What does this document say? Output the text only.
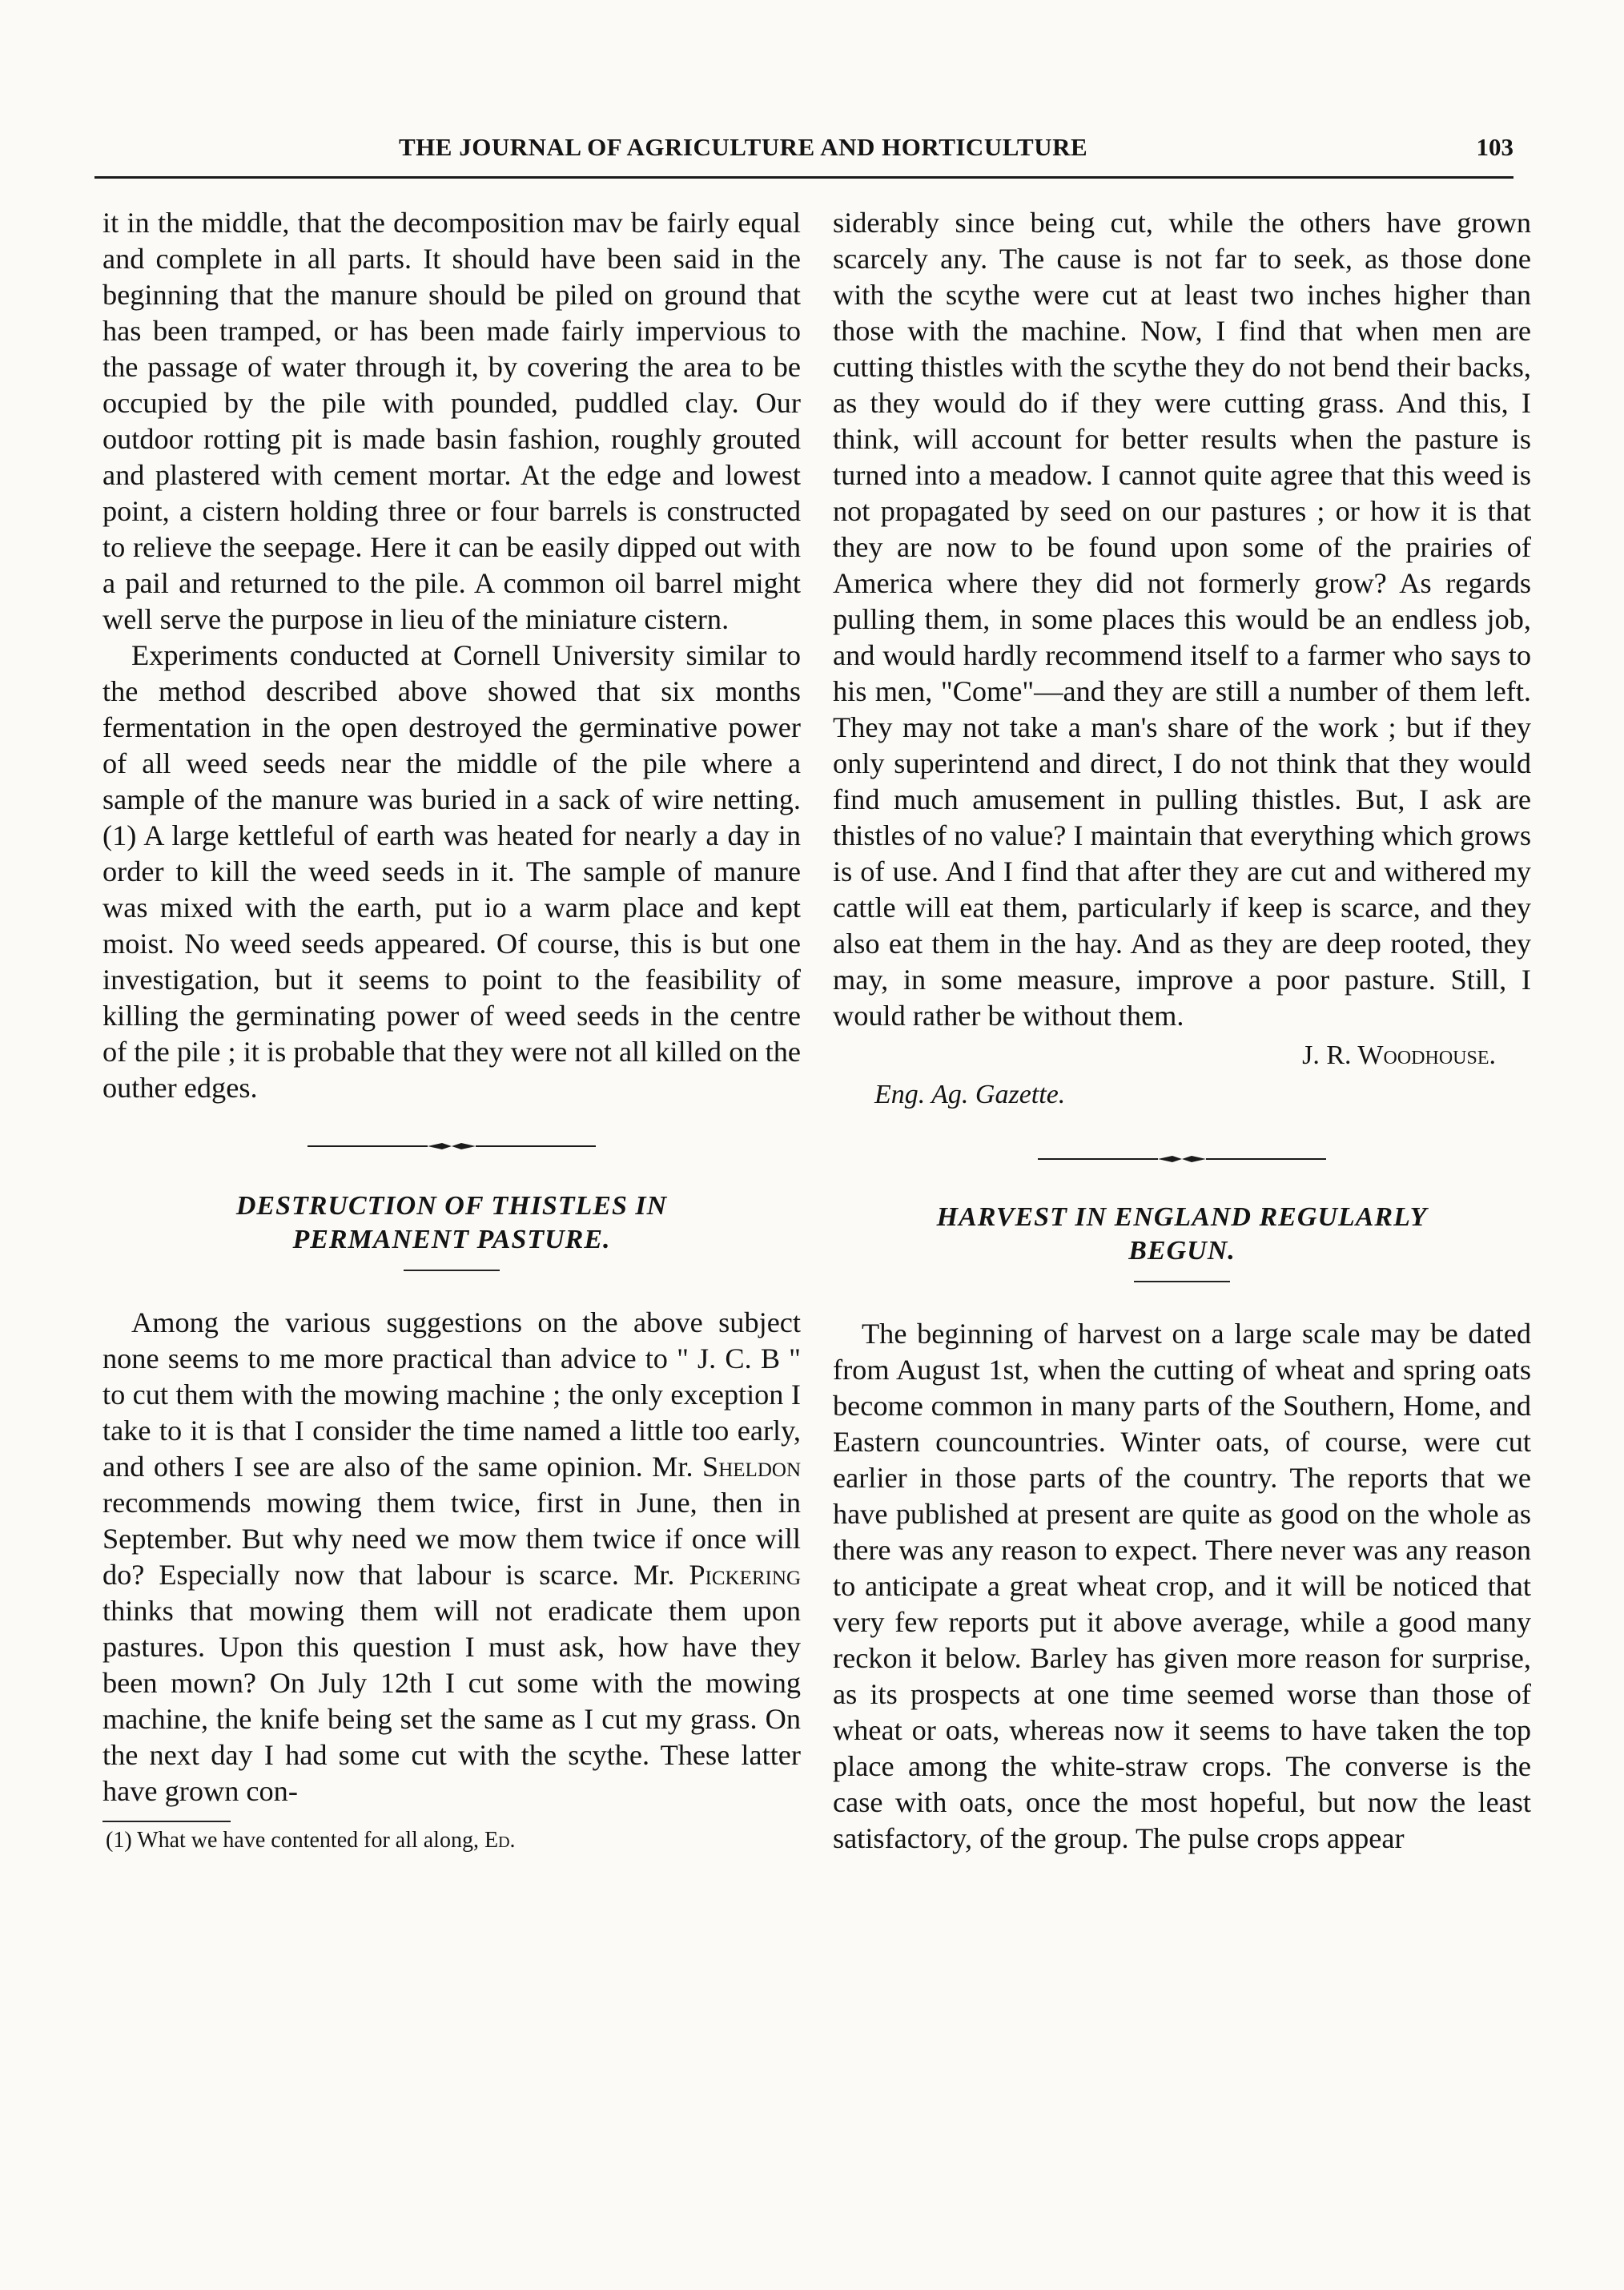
THE JOURNAL OF AGRICULTURE AND HORTICULTURE	103

it in the middle, that the decomposition mav be fairly equal and complete in all parts. It should have been said in the beginning that the manure should be piled on ground that has been tramped, or has been made fairly impervious to the passage of water through it, by covering the area to be occupied by the pile with pounded, puddled clay. Our outdoor rotting pit is made basin fashion, roughly grouted and plastered with cement mortar. At the edge and lowest point, a cistern holding three or four barrels is constructed to relieve the seepage. Here it can be easily dipped out with a pail and returned to the pile. A common oil barrel might well serve the purpose in lieu of the miniature cistern.

Experiments conducted at Cornell University similar to the method described above showed that six months fermentation in the open destroyed the germinative power of all weed seeds near the middle of the pile where a sample of the manure was buried in a sack of wire netting. (1) A large kettleful of earth was heated for nearly a day in order to kill the weed seeds in it. The sample of manure was mixed with the earth, put io a warm place and kept moist. No weed seeds appeared. Of course, this is but one investigation, but it seems to point to the feasibility of killing the germinating power of weed seeds in the centre of the pile ; it is probable that they were not all killed on the outher edges.

DESTRUCTION OF THISTLES IN
PERMANENT PASTURE.

Among the various suggestions on the above subject none seems to me more practical than advice to " J. C. B " to cut them with the mowing machine ; the only exception I take to it is that I consider the time named a little too early, and others I see are also of the same opinion. Mr. Sheldon recommends mowing them twice, first in June, then in September. But why need we mow them twice if once will do? Especially now that labour is scarce. Mr. Pickering thinks that mowing them will not eradicate them upon pastures. Upon this question I must ask, how have they been mown? On July 12th I cut some with the mowing machine, the knife being set the same as I cut my grass. On the next day I had some cut with the scythe. These latter have grown con-

(1) What we have contented for all along, Ed.

siderably since being cut, while the others have grown scarcely any. The cause is not far to seek, as those done with the scythe were cut at least two inches higher than those with the machine. Now, I find that when men are cutting thistles with the scythe they do not bend their backs, as they would do if they were cutting grass. And this, I think, will account for better results when the pasture is turned into a meadow. I cannot quite agree that this weed is not propagated by seed on our pastures ; or how it is that they are now to be found upon some of the prairies of America where they did not formerly grow? As regards pulling them, in some places this would be an endless job, and would hardly recommend itself to a farmer who says to his men, "Come"—and they are still a number of them left. They may not take a man's share of the work ; but if they only superintend and direct, I do not think that they would find much amusement in pulling thistles. But, I ask are thistles of no value? I maintain that everything which grows is of use. And I find that after they are cut and withered my cattle will eat them, particularly if keep is scarce, and they also eat them in the hay. And as they are deep rooted, they may, in some measure, improve a poor pasture. Still, I would rather be without them.

J. R. Woodhouse.
Eng. Ag. Gazette.
HARVEST IN ENGLAND REGULARLY
BEGUN.

The beginning of harvest on a large scale may be dated from August 1st, when the cutting of wheat and spring oats become common in many parts of the Southern, Home, and Eastern councountries. Winter oats, of course, were cut earlier in those parts of the country. The reports that we have published at present are quite as good on the whole as there was any reason to expect. There never was any reason to anticipate a great wheat crop, and it will be noticed that very few reports put it above average, while a good many reckon it below. Barley has given more reason for surprise, as its prospects at one time seemed worse than those of wheat or oats, whereas now it seems to have taken the top place among the white-straw crops. The converse is the case with oats, once the most hopeful, but now the least satisfactory, of the group. The pulse crops appear
